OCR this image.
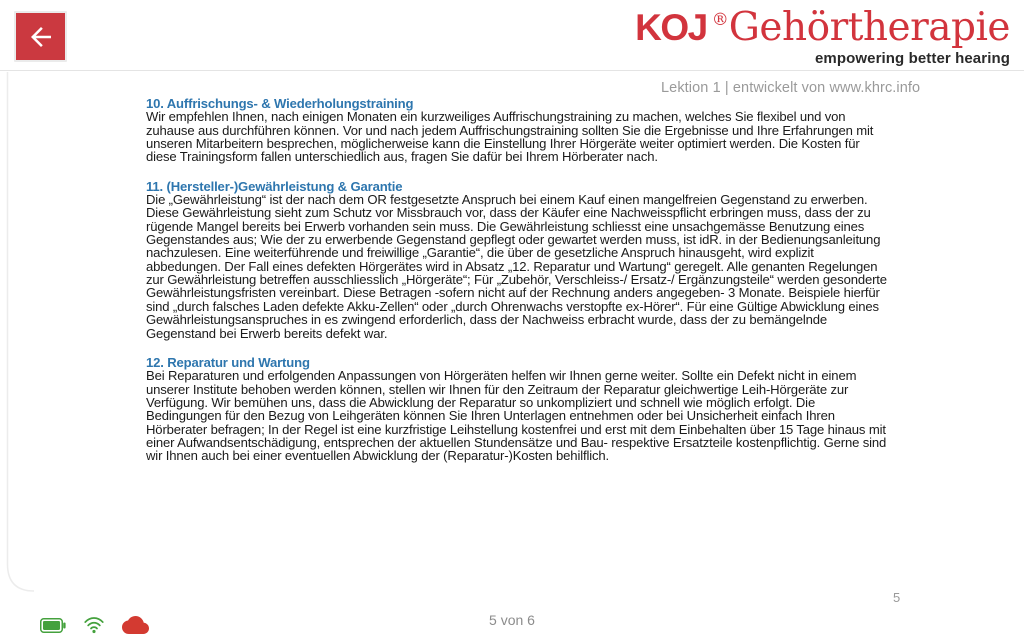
KOJ ® Gehörtherapie
empowering better hearing
Lektion 1 | entwickelt von www.khrc.info
10. Auffrischungs- & Wiederholungstraining

Wir empfehlen Ihnen, nach einigen Monaten ein kurzweiliges Auffrischungstraining zu machen, welches Sie flexibel und von zuhause aus durchführen können. Vor und nach jedem Auffrischungstraining sollten Sie die Ergebnisse und Ihre Erfahrungen mit unseren Mitarbeitern besprechen, möglicherweise kann die Einstellung Ihrer Hörgeräte weiter optimiert werden. Die Kosten für diese Trainingsform fallen unterschiedlich aus, fragen Sie dafür bei Ihrem Hörberater nach.

11. (Hersteller-)Gewährleistung & Garantie

Die „Gewährleistung“ ist der nach dem OR festgesetzte Anspruch bei einem Kauf einen mangelfreien Gegenstand zu erwerben. Diese Gewährleistung sieht zum Schutz vor Missbrauch vor, dass der Käufer eine Nachweisspflicht erbringen muss, dass der zu rügende Mangel bereits bei Erwerb vorhanden sein muss. Die Gewährleistung schliesst eine unsachgemässe Benutzung eines Gegenstandes aus; Wie der zu erwerbende Gegenstand gepflegt oder gewartet werden muss, ist idR. in der Bedienungsanleitung nachzulesen. Eine weiterführende und freiwillige „Garantie“, die über de gesetzliche Anspruch hinausgeht, wird explizit abbedungen. Der Fall eines defekten Hörgerätes wird in Absatz „12. Reparatur und Wartung“ geregelt. Alle genanten Regelungen zur Gewährleistung betreffen ausschliesslich „Hörgeräte“; Für „Zubehör, Verschleiss-/ Ersatz-/ Ergänzungsteile“ werden gesonderte Gewährleistungsfristen vereinbart. Diese Betragen -sofern nicht auf der Rechnung anders angegeben- 3 Monate. Beispiele hierfür sind „durch falsches Laden defekte Akku-Zellen“ oder „durch Ohrenwachs verstopfte ex-Hörer“. Für eine Gültige Abwicklung eines Gewährleistungsanspruches in es zwingend erforderlich, dass der Nachweiss erbracht wurde, dass der zu bemängelnde Gegenstand bei Erwerb bereits defekt war.

12. Reparatur und Wartung

Bei Reparaturen und erfolgenden Anpassungen von Hörgeräten helfen wir Ihnen gerne weiter. Sollte ein Defekt nicht in einem unserer Institute behoben werden können, stellen wir Ihnen für den Zeitraum der Reparatur gleichwertige Leih-Hörgeräte zur Verfügung. Wir bemühen uns, dass die Abwicklung der Reparatur so unkompliziert und schnell wie möglich erfolgt. Die Bedingungen für den Bezug von Leihgeräten können Sie Ihren Unterlagen entnehmen oder bei Unsicherheit einfach Ihren Hörberater befragen; In der Regel ist eine kurzfristige Leihstellung kostenfrei und erst mit dem Einbehalten über 15 Tage hinaus mit einer Aufwandsentschädigung, entsprechen der aktuellen Stundensätze und Bau- respektive Ersatzteile kostenpflichtig. Gerne sind wir Ihnen auch bei einer eventuellen Abwicklung der (Reparatur-)Kosten behilflich.

5
5 von 6
